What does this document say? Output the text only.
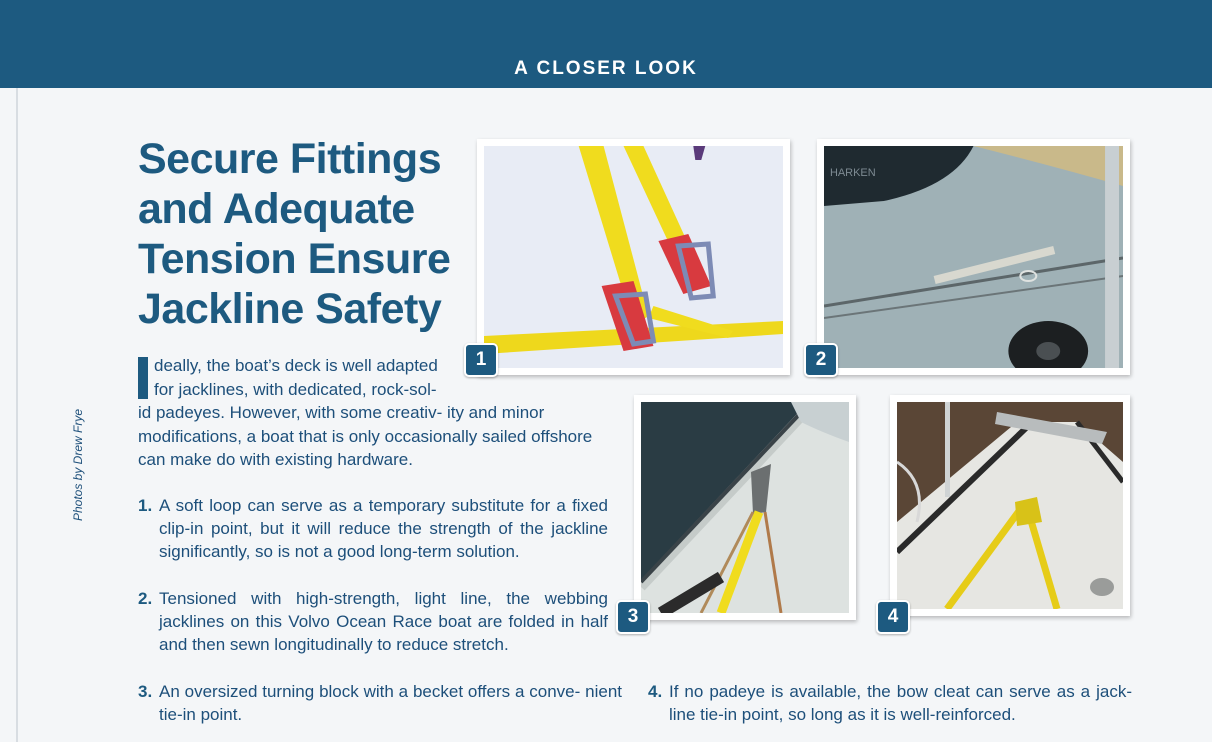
A CLOSER LOOK
Photos by Drew Frye
Secure Fittings and Adequate Tension Ensure Jackline Safety
deally, the boat’s deck is well adapted for jacklines, with dedicated, rock-sol-
id padeyes. However, with some creativ- ity and minor modifications, a boat that is only occasionally sailed offshore can make do with existing hardware.
1. A soft loop can serve as a temporary substitute for a fixed clip-in point, but it will reduce the strength of the jackline significantly, so is not a good long-term solution.
2. Tensioned with high-strength, light line, the webbing jacklines on this Volvo Ocean Race boat are folded in half and then sewn longitudinally to reduce stretch.
3. An oversized turning block with a becket offers a conve- nient tie-in point.
4. If no padeye is available, the bow cleat can serve as a jack- line tie-in point, so long as it is well-reinforced.
1
HARKEN
2
3	4
